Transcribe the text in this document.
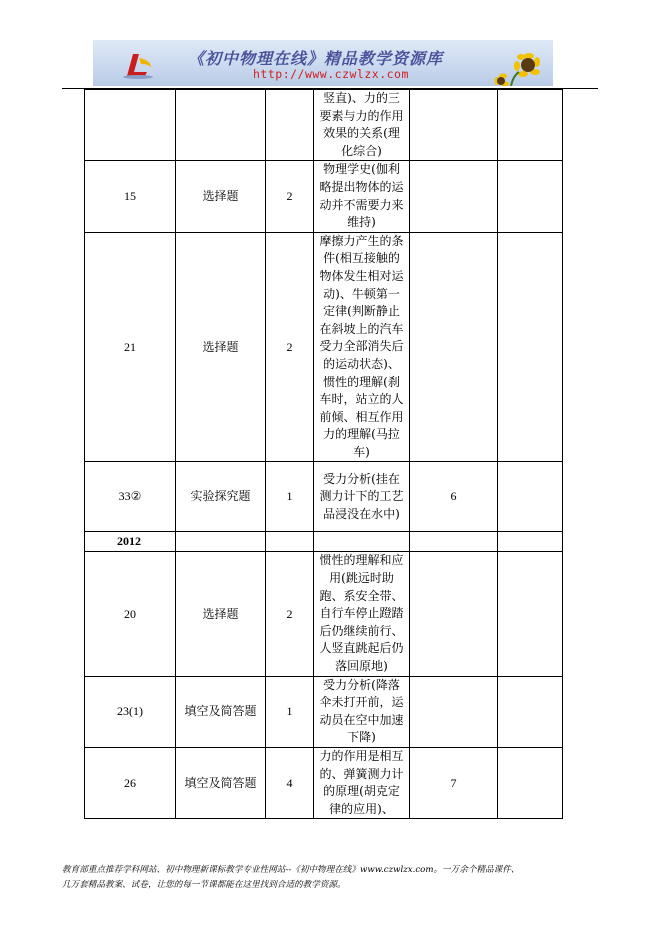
《初中物理在线》精品教学资源库
http://www.czwlzx.com

			竖直)、力的三要素与力的作用效果的关系(理化综合)		

15	选择题	2	物理学史(伽利略提出物体的运动并不需要力来维持)		

21	选择题	2	摩擦力产生的条件(相互接触的物体发生相对运动)、牛顿第一定律(判断静止在斜坡上的汽车受力全部消失后的运动状态)、惯性的理解(刹车时，站立的人前倾、相互作用力的理解(马拉车)		

33②	实验探究题	1	受力分析(挂在测力计下的工艺品浸没在水中)	6	
2012					
20	选择题	2	惯性的理解和应用(跳远时助跑、系安全带、自行车停止蹬踏后仍继续前行、人竖直跳起后仍落回原地)		

23(1)	填空及简答题	1	受力分析(降落伞未打开前，运动员在空中加速下降)		

26	填空及简答题	4	力的作用是相互的、弹簧测力计的原理(胡克定律的应用)、	7	
教育部重点推荐学科网站、初中物理新课标教学专业性网站--《初中物理在线》www.czwlzx.com。一万余个精品课件、
几万套精品教案、试卷，让您的每一节课都能在这里找到合适的教学资源。
